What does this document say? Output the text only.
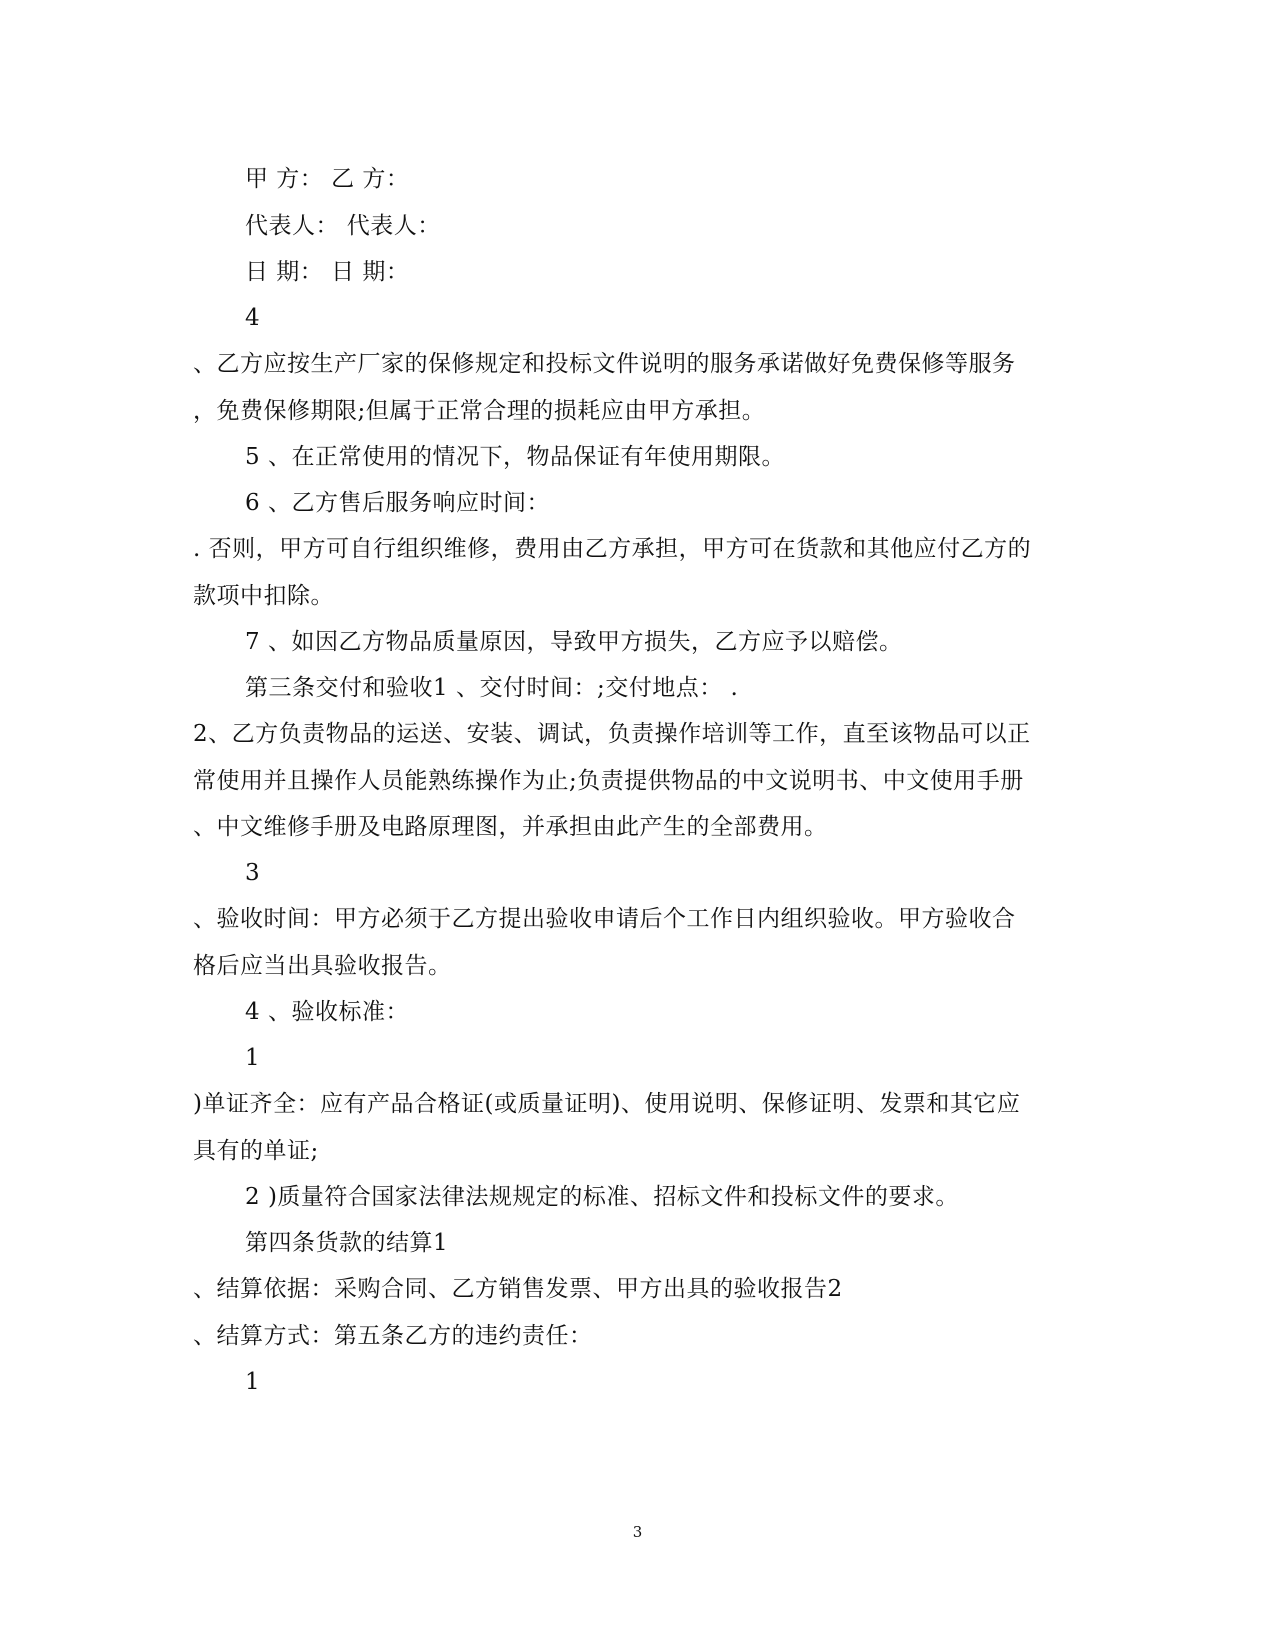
甲 方： 乙 方：
代表人： 代表人：
日 期： 日 期：
4
、乙方应按生产厂家的保修规定和投标文件说明的服务承诺做好免费保修等服务
，免费保修期限;但属于正常合理的损耗应由甲方承担。
5 、在正常使用的情况下，物品保证有年使用期限。
6 、乙方售后服务响应时间：
. 否则，甲方可自行组织维修，费用由乙方承担，甲方可在货款和其他应付乙方的
款项中扣除。
7 、如因乙方物品质量原因，导致甲方损失，乙方应予以赔偿。
第三条交付和验收1 、交付时间：;交付地点： .
2、乙方负责物品的运送、安装、调试，负责操作培训等工作，直至该物品可以正
常使用并且操作人员能熟练操作为止;负责提供物品的中文说明书、中文使用手册
、中文维修手册及电路原理图，并承担由此产生的全部费用。
3
、验收时间：甲方必须于乙方提出验收申请后个工作日内组织验收。甲方验收合
格后应当出具验收报告。
4 、验收标准：
1
)单证齐全：应有产品合格证(或质量证明)、使用说明、保修证明、发票和其它应
具有的单证;
2 )质量符合国家法律法规规定的标准、招标文件和投标文件的要求。
第四条货款的结算1
、结算依据：采购合同、乙方销售发票、甲方出具的验收报告2
、结算方式：第五条乙方的违约责任：
1
3
